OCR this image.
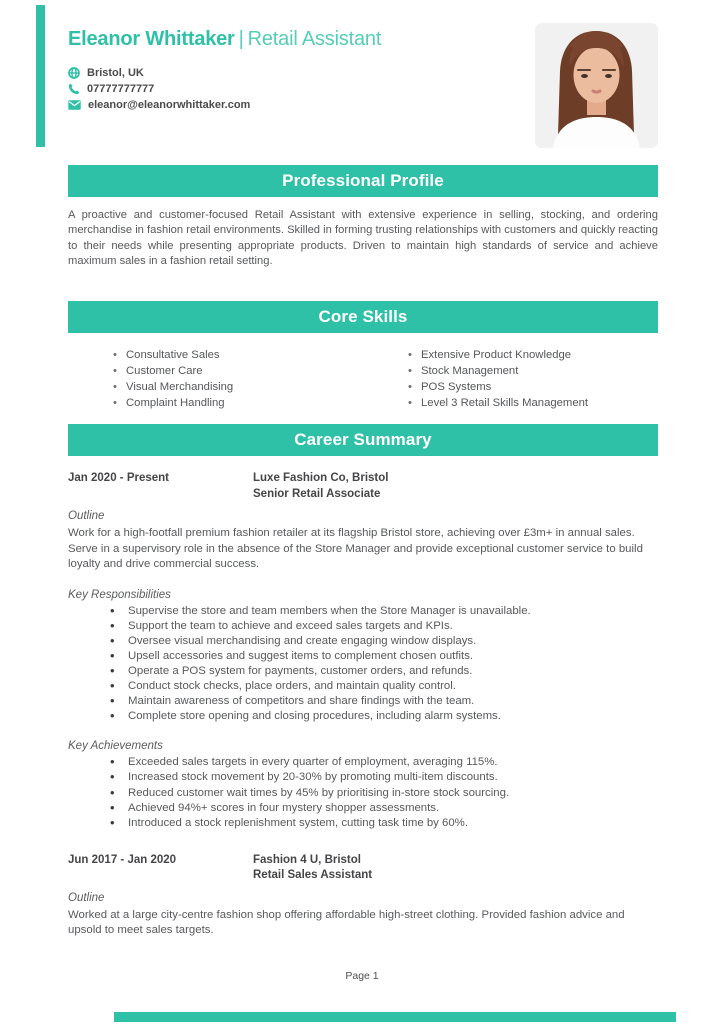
Eleanor Whittaker | Retail Assistant
Bristol, UK
07777777777
eleanor@eleanorwhittaker.com
Professional Profile

A proactive and customer-focused Retail Assistant with extensive experience in selling, stocking, and ordering merchandise in fashion retail environments. Skilled in forming trusting relationships with customers and quickly reacting to their needs while presenting appropriate products. Driven to maintain high standards of service and achieve maximum sales in a fashion retail setting.

Core Skills
• Consultative Sales
• Customer Care
• Visual Merchandising
• Complaint Handling
• Extensive Product Knowledge
• Stock Management
• POS Systems
• Level 3 Retail Skills Management
Career Summary
Jan 2020 - Present	Luxe Fashion Co, Bristol
Senior Retail Associate
Outline

Work for a high-footfall premium fashion retailer at its flagship Bristol store, achieving over £3m+ in annual sales. Serve in a supervisory role in the absence of the Store Manager and provide exceptional customer service to build loyalty and drive commercial success.

Key Responsibilities
• Supervise the store and team members when the Store Manager is unavailable.
• Support the team to achieve and exceed sales targets and KPIs.
• Oversee visual merchandising and create engaging window displays.
• Upsell accessories and suggest items to complement chosen outfits.
• Operate a POS system for payments, customer orders, and refunds.
• Conduct stock checks, place orders, and maintain quality control.
• Maintain awareness of competitors and share findings with the team.
• Complete store opening and closing procedures, including alarm systems.
Key Achievements
• Exceeded sales targets in every quarter of employment, averaging 115%.
• Increased stock movement by 20-30% by promoting multi-item discounts.
• Reduced customer wait times by 45% by prioritising in-store stock sourcing.
• Achieved 94%+ scores in four mystery shopper assessments.
• Introduced a stock replenishment system, cutting task time by 60%.
Jun 2017 - Jan 2020	Fashion 4 U, Bristol
Retail Sales Assistant
Outline

Worked at a large city-centre fashion shop offering affordable high-street clothing. Provided fashion advice and upsold to meet sales targets.

Page 1
